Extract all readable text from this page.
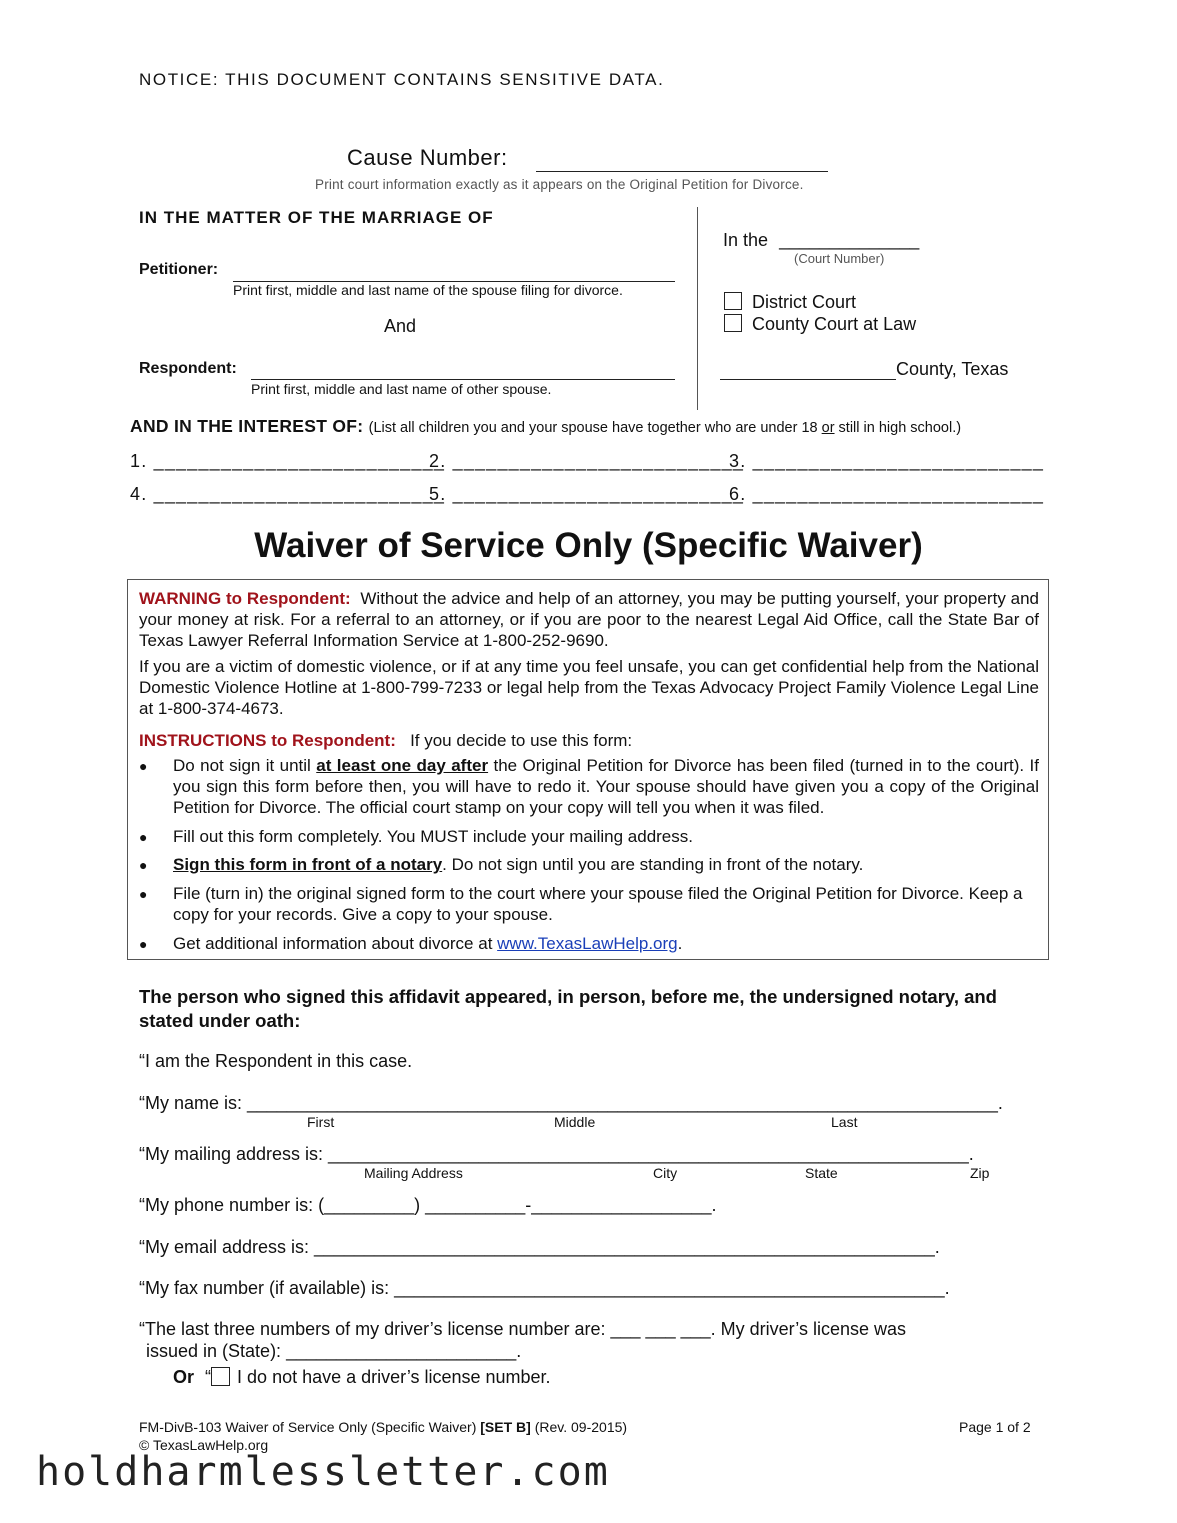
NOTICE: THIS DOCUMENT CONTAINS SENSITIVE DATA.
Cause Number:
Print court information exactly as it appears on the Original Petition for Divorce.
IN THE MATTER OF THE MARRIAGE OF
Petitioner:
Print first, middle and last name of the spouse filing for divorce.
And
Respondent:
Print first, middle and last name of other spouse.
In the ______________
(Court Number)
District Court
County Court at Law
County, Texas
AND IN THE INTEREST OF: (List all children you and your spouse have together who are under 18 or still in high school.)
1. __________________________
2. __________________________
3. __________________________
4. __________________________
5. __________________________
6. __________________________
Waiver of Service Only (Specific Waiver)
WARNING to Respondent: Without the advice and help of an attorney, you may be putting yourself, your property and your money at risk. For a referral to an attorney, or if you are poor to the nearest Legal Aid Office, call the State Bar of Texas Lawyer Referral Information Service at 1-800-252-9690.
If you are a victim of domestic violence, or if at any time you feel unsafe, you can get confidential help from the National Domestic Violence Hotline at 1-800-799-7233 or legal help from the Texas Advocacy Project Family Violence Legal Line at 1-800-374-4673.
INSTRUCTIONS to Respondent: If you decide to use this form:
● Do not sign it until at least one day after the Original Petition for Divorce has been filed (turned in to the court). If you sign this form before then, you will have to redo it. Your spouse should have given you a copy of the Original Petition for Divorce. The official court stamp on your copy will tell you when it was filed.
● Fill out this form completely. You MUST include your mailing address.
● Sign this form in front of a notary. Do not sign until you are standing in front of the notary.
● File (turn in) the original signed form to the court where your spouse filed the Original Petition for Divorce. Keep a copy for your records. Give a copy to your spouse.
● Get additional information about divorce at www.TexasLawHelp.org.
The person who signed this affidavit appeared, in person, before me, the undersigned notary, and stated under oath:
“I am the Respondent in this case.
“My name is: ___________________________________________________________________________.
First	Middle	Last
“My mailing address is: ________________________________________________________________.
Mailing Address	City	State	Zip
“My phone number is: (_________) __________-__________________.
“My email address is: ______________________________________________________________.
“My fax number (if available) is: _______________________________________________________.
“The last three numbers of my driver’s license number are: ___ ___ ___. My driver’s license was
issued in (State): _______________________.
Or “ I do not have a driver’s license number.
FM-DivB-103 Waiver of Service Only (Specific Waiver) [SET B] (Rev. 09-2015)
© TexasLawHelp.org
Page 1 of 2
holdharmlessletter.com
